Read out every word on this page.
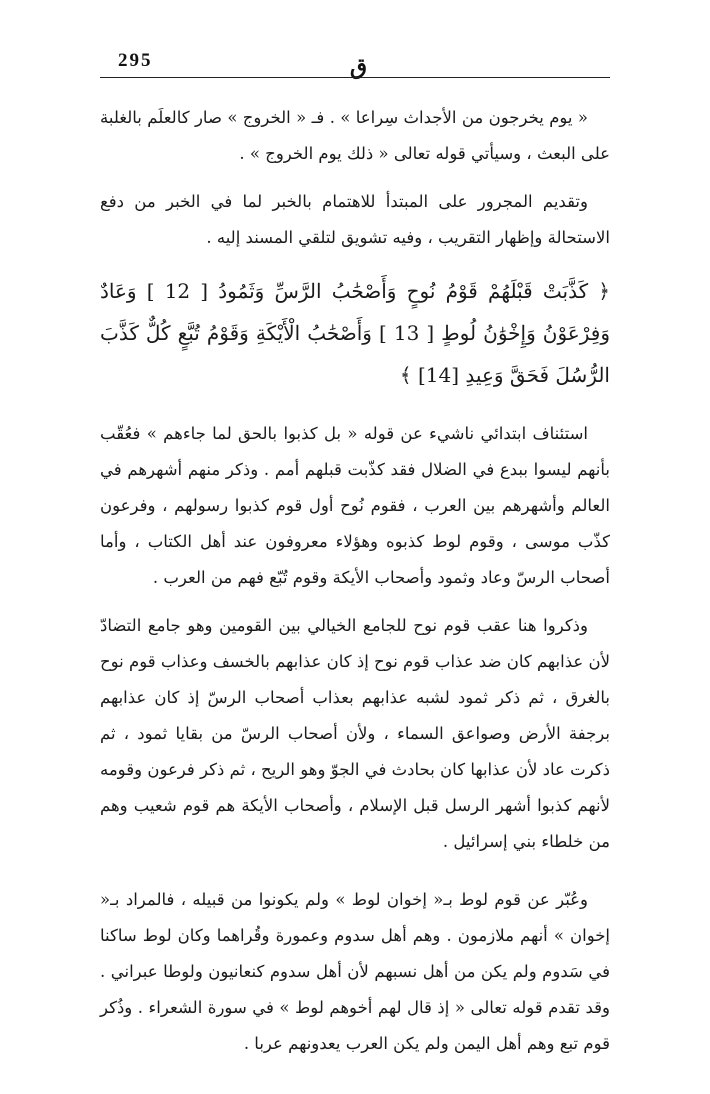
295	ق

« يوم يخرجون من الأجداث سِراعا » . فـ « الخروج » صار كالعلَم بالغلبة على البعث ، وسيأتي قوله تعالى « ذلك يوم الخروج » .

وتقديم المجرور على المبتدأ للاهتمام بالخبر لما في الخبر من دفع الاستحالة وإظهار التقريب ، وفيه تشويق لتلقي المسند إليه .

﴿ كَذَّبَتْ قَبْلَهُمْ قَوْمُ نُوحٍ وَأَصْحَٰبُ الرَّسِّ وَثَمُودُ [ 12 ] وَعَادٌ وَفِرْعَوْنُ وَإِخْوَٰنُ لُوطٍ [ 13 ] وَأَصْحَٰبُ الْأَيْكَةِ وَقَوْمُ تُبَّعٍ كُلٌّ كَذَّبَ الرُّسُلَ فَحَقَّ وَعِيدِ [14] ﴾

استئناف ابتدائي ناشيء عن قوله « بل كذبوا بالحق لما جاءهم » فعُقّب بأنهم ليسوا ببدع في الضلال فقد كذّبت قبلهم أمم . وذكر منهم أشهرهم في العالم وأشهرهم بين العرب ، فقوم نُوح أول قوم كذبوا رسولهم ، وفرعون كذّب موسى ، وقوم لوط كذبوه وهؤلاء معروفون عند أهل الكتاب ، وأما أصحاب الرسّ وعاد وثمود وأصحاب الأيكة وقوم تُبّع فهم من العرب .

وذكروا هنا عقب قوم نوح للجامع الخيالي بين القومين وهو جامع التضادّ لأن عذابهم كان ضد عذاب قوم نوح إذ كان عذابهم بالخسف وعذاب قوم نوح بالغرق ، ثم ذكر ثمود لشبه عذابهم بعذاب أصحاب الرسّ إذ كان عذابهم برجفة الأرض وصواعق السماء ، ولأن أصحاب الرسّ من بقايا ثمود ، ثم ذكرت عاد لأن عذابها كان بحادث في الجوّ وهو الريح ، ثم ذكر فرعون وقومه لأنهم كذبوا أشهر الرسل قبل الإسلام ، وأصحاب الأيكة هم قوم شعيب وهم من خلطاء بني إسرائيل .

وعُبّر عن قوم لوط بـ« إخوان لوط » ولم يكونوا من قبيله ، فالمراد بـ« إخوان » أنهم ملازمون . وهم أهل سدوم وعمورة وقُراهما وكان لوط ساكنا في سَدوم ولم يكن من أهل نسبهم لأن أهل سدوم كنعانيون ولوطا عبراني . وقد تقدم قوله تعالى « إذ قال لهم أخوهم لوط » في سورة الشعراء . وذُكر قوم تبع وهم أهل اليمن ولم يكن العرب يعدونهم عربا .
